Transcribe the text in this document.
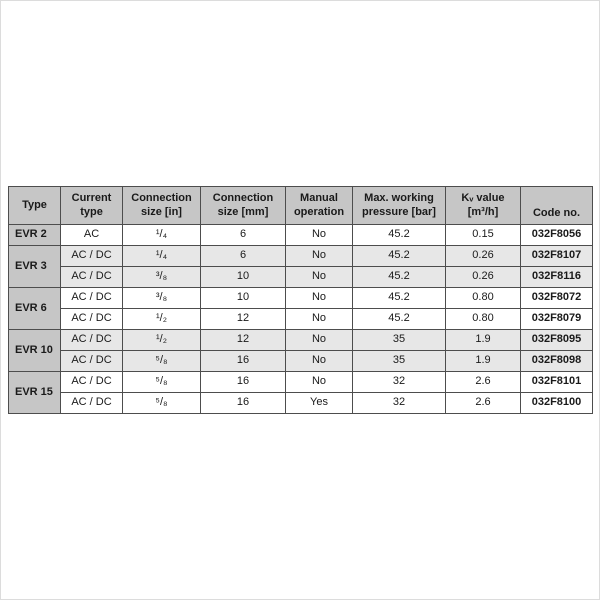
Type	Current type	Connection size [in]	Connection size [mm]	Manual operation	Max. working pressure [bar]	Kᵥ value [m³/h]	Code no.
EVR 2	AC	¹/₄	6	No	45.2	0.15	032F8056
EVR 3	AC / DC	¹/₄	6	No	45.2	0.26	032F8107
	AC / DC	³/₈	10	No	45.2	0.26	032F8116
EVR 6	AC / DC	³/₈	10	No	45.2	0.80	032F8072
	AC / DC	¹/₂	12	No	45.2	0.80	032F8079
EVR 10	AC / DC	¹/₂	12	No	35	1.9	032F8095
	AC / DC	⁵/₈	16	No	35	1.9	032F8098
EVR 15	AC / DC	⁵/₈	16	No	32	2.6	032F8101
	AC / DC	⁵/₈	16	Yes	32	2.6	032F8100
